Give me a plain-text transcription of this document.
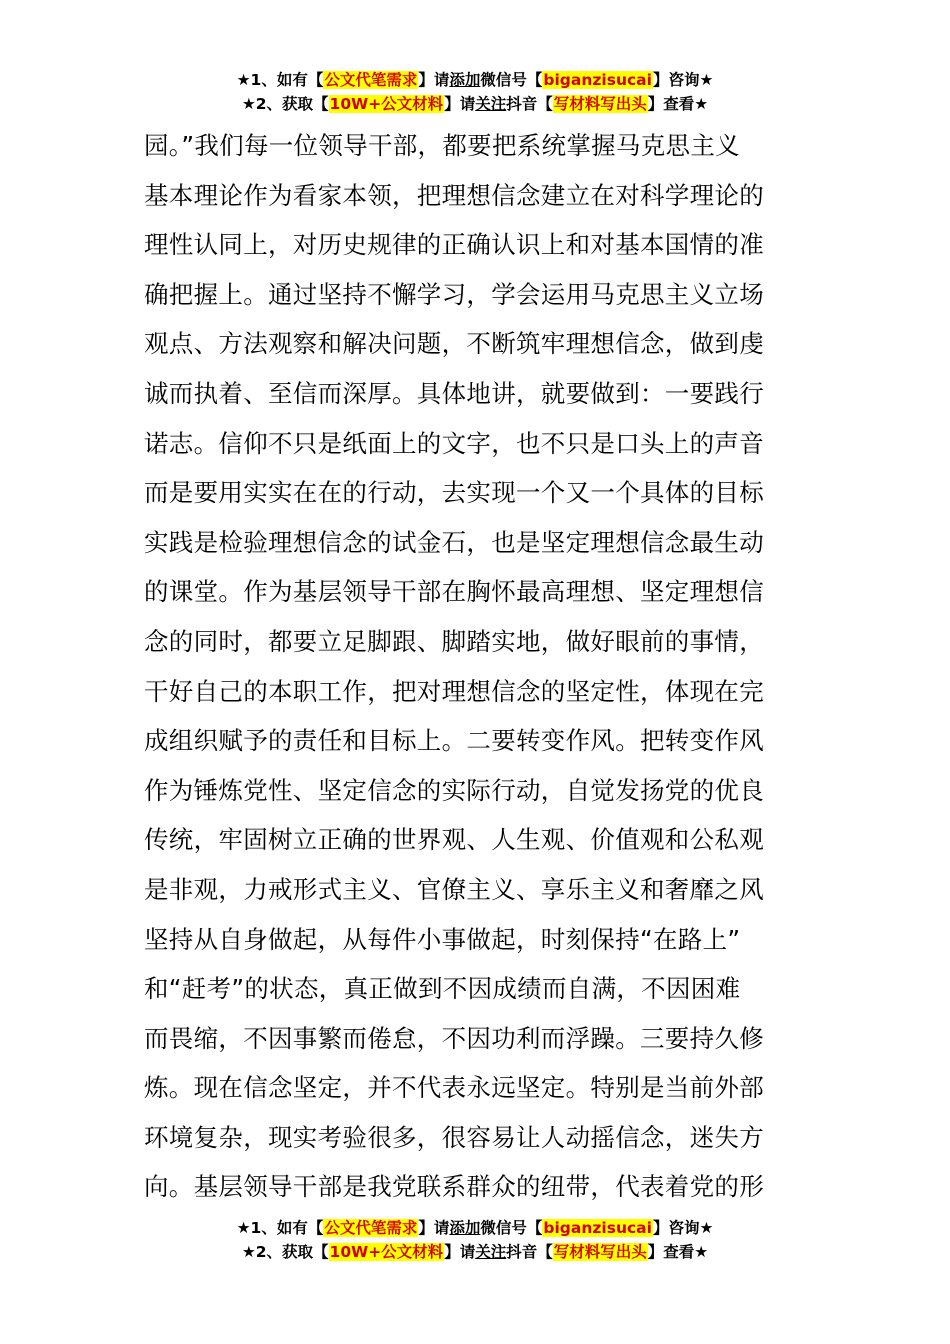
★1、如有【公文代笔需求】请添加微信号【biganzisucai】咨询★
★2、获取【10W+公文材料】请关注抖音【写材料写出头】查看★
园。”我们每一位领导干部，都要把系统掌握马克思主义
基本理论作为看家本领，把理想信念建立在对科学理论的
理性认同上，对历史规律的正确认识上和对基本国情的准
确把握上。通过坚持不懈学习，学会运用马克思主义立场
观点、方法观察和解决问题，不断筑牢理想信念，做到虔
诚而执着、至信而深厚。具体地讲，就要做到：一要践行
诺志。信仰不只是纸面上的文字，也不只是口头上的声音
而是要用实实在在的行动，去实现一个又一个具体的目标
实践是检验理想信念的试金石，也是坚定理想信念最生动
的课堂。作为基层领导干部在胸怀最高理想、坚定理想信
念的同时，都要立足脚跟、脚踏实地，做好眼前的事情，
干好自己的本职工作，把对理想信念的坚定性，体现在完
成组织赋予的责任和目标上。二要转变作风。把转变作风
作为锤炼党性、坚定信念的实际行动，自觉发扬党的优良
传统，牢固树立正确的世界观、人生观、价值观和公私观
是非观，力戒形式主义、官僚主义、享乐主义和奢靡之风
坚持从自身做起，从每件小事做起，时刻保持“在路上”
和“赶考”的状态，真正做到不因成绩而自满，不因困难
而畏缩，不因事繁而倦怠，不因功利而浮躁。三要持久修
炼。现在信念坚定，并不代表永远坚定。特别是当前外部
环境复杂，现实考验很多，很容易让人动摇信念，迷失方
向。基层领导干部是我党联系群众的纽带，代表着党的形
★1、如有【公文代笔需求】请添加微信号【biganzisucai】咨询★
★2、获取【10W+公文材料】请关注抖音【写材料写出头】查看★
